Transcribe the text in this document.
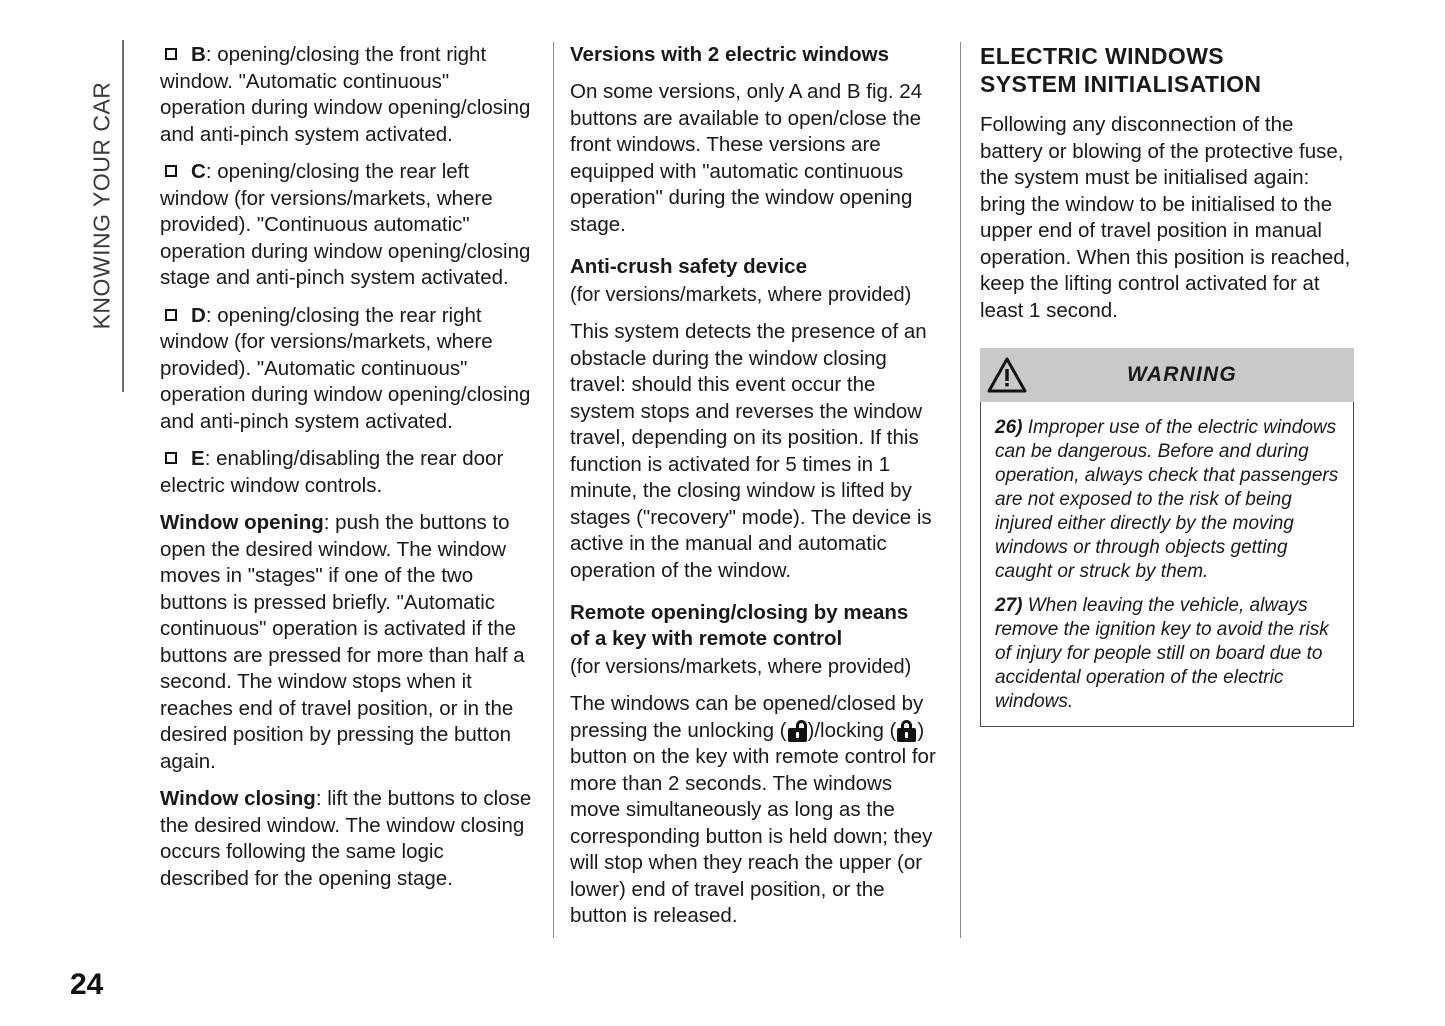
KNOWING YOUR CAR
B: opening/closing the front right window. "Automatic continuous" operation during window opening/closing and anti-pinch system activated.
C: opening/closing the rear left window (for versions/markets, where provided). "Continuous automatic" operation during window opening/closing stage and anti-pinch system activated.
D: opening/closing the rear right window (for versions/markets, where provided). "Automatic continuous" operation during window opening/closing and anti-pinch system activated.
E: enabling/disabling the rear door electric window controls.

Window opening: push the buttons to open the desired window. The window moves in "stages" if one of the two buttons is pressed briefly. "Automatic continuous" operation is activated if the buttons are pressed for more than half a second. The window stops when it reaches end of travel position, or in the desired position by pressing the button again.

Window closing: lift the buttons to close the desired window. The window closing occurs following the same logic described for the opening stage.

Versions with 2 electric windows

On some versions, only A and B fig. 24 buttons are available to open/close the front windows. These versions are equipped with "automatic continuous operation" during the window opening stage.

Anti-crush safety device

(for versions/markets, where provided)

This system detects the presence of an obstacle during the window closing travel: should this event occur the system stops and reverses the window travel, depending on its position. If this function is activated for 5 times in 1 minute, the closing window is lifted by stages ("recovery" mode). The device is active in the manual and automatic operation of the window.

Remote opening/closing by means
of a key with remote control

(for versions/markets, where provided)

The windows can be opened/closed by pressing the unlocking ( )/locking ( ) button on the key with remote control for more than 2 seconds. The windows move simultaneously as long as the corresponding button is held down; they will stop when they reach the upper (or lower) end of travel position, or the button is released.

ELECTRIC WINDOWS
SYSTEM INITIALISATION

Following any disconnection of the battery or blowing of the protective fuse, the system must be initialised again: bring the window to be initialised to the upper end of travel position in manual operation. When this position is reached, keep the lifting control activated for at least 1 second.

WARNING

26) Improper use of the electric windows can be dangerous. Before and during operation, always check that passengers are not exposed to the risk of being injured either directly by the moving windows or through objects getting caught or struck by them.

27) When leaving the vehicle, always remove the ignition key to avoid the risk of injury for people still on board due to accidental operation of the electric windows.

24
